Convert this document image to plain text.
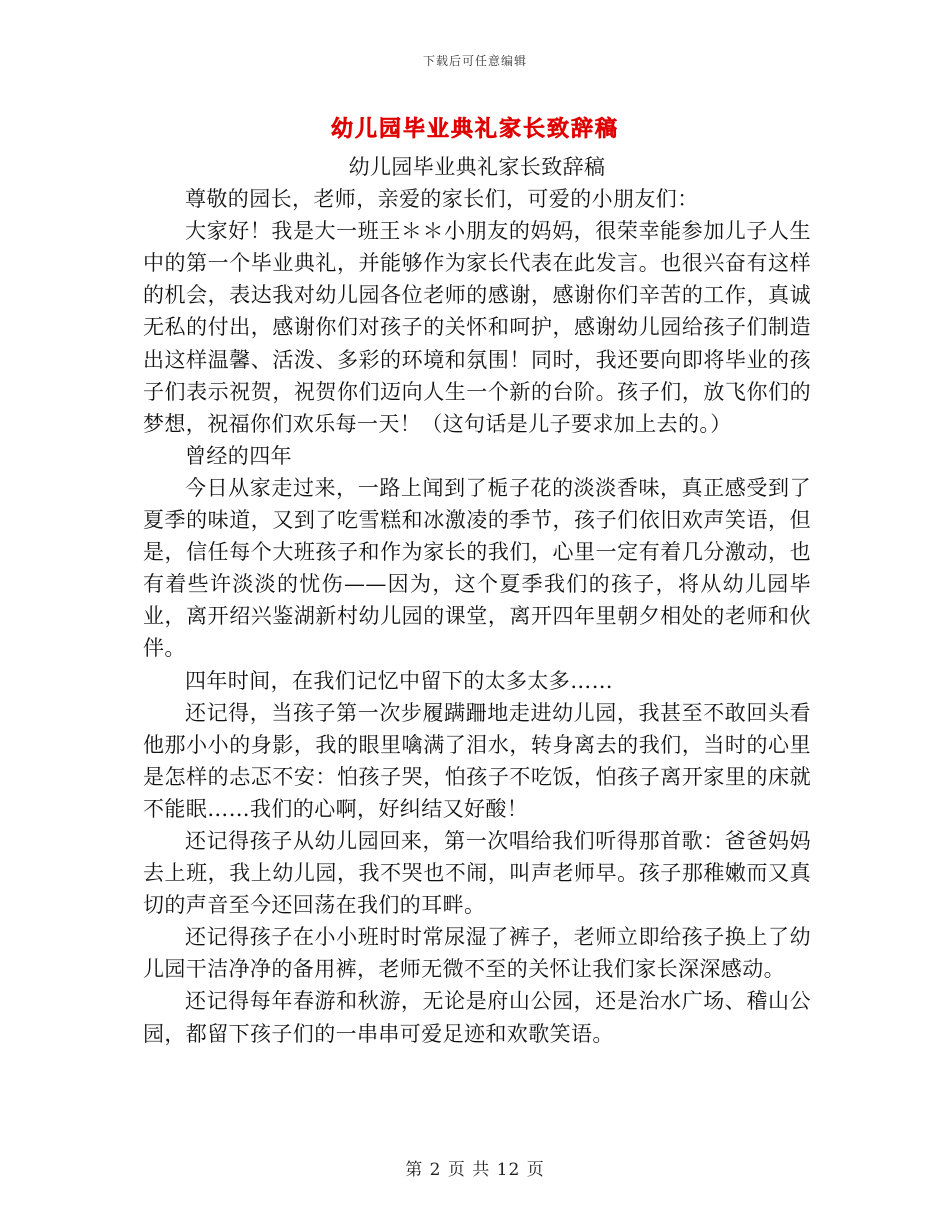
下载后可任意编辑
幼儿园毕业典礼家长致辞稿

幼儿园毕业典礼家长致辞稿

尊敬的园长，老师，亲爱的家长们，可爱的小朋友们：

大家好！我是大一班王＊＊小朋友的妈妈，很荣幸能参加儿子人生中的第一个毕业典礼，并能够作为家长代表在此发言。也很兴奋有这样的机会，表达我对幼儿园各位老师的感谢，感谢你们辛苦的工作，真诚无私的付出，感谢你们对孩子的关怀和呵护，感谢幼儿园给孩子们制造出这样温馨、活泼、多彩的环境和氛围！同时，我还要向即将毕业的孩子们表示祝贺，祝贺你们迈向人生一个新的台阶。孩子们，放飞你们的梦想，祝福你们欢乐每一天！（这句话是儿子要求加上去的。）

曾经的四年

今日从家走过来，一路上闻到了栀子花的淡淡香味，真正感受到了夏季的味道，又到了吃雪糕和冰激凌的季节，孩子们依旧欢声笑语，但是，信任每个大班孩子和作为家长的我们，心里一定有着几分激动，也有着些许淡淡的忧伤——因为，这个夏季我们的孩子，将从幼儿园毕业，离开绍兴鉴湖新村幼儿园的课堂，离开四年里朝夕相处的老师和伙伴。

四年时间，在我们记忆中留下的太多太多……

还记得，当孩子第一次步履蹒跚地走进幼儿园，我甚至不敢回头看他那小小的身影，我的眼里噙满了泪水，转身离去的我们，当时的心里是怎样的忐忑不安：怕孩子哭，怕孩子不吃饭，怕孩子离开家里的床就不能眠……我们的心啊，好纠结又好酸！

还记得孩子从幼儿园回来，第一次唱给我们听得那首歌：爸爸妈妈去上班，我上幼儿园，我不哭也不闹，叫声老师早。孩子那稚嫩而又真切的声音至今还回荡在我们的耳畔。

还记得孩子在小小班时时常尿湿了裤子，老师立即给孩子换上了幼儿园干洁净净的备用裤，老师无微不至的关怀让我们家长深深感动。

还记得每年春游和秋游，无论是府山公园，还是治水广场、稽山公园，都留下孩子们的一串串可爱足迹和欢歌笑语。

第 2 页 共 12 页
